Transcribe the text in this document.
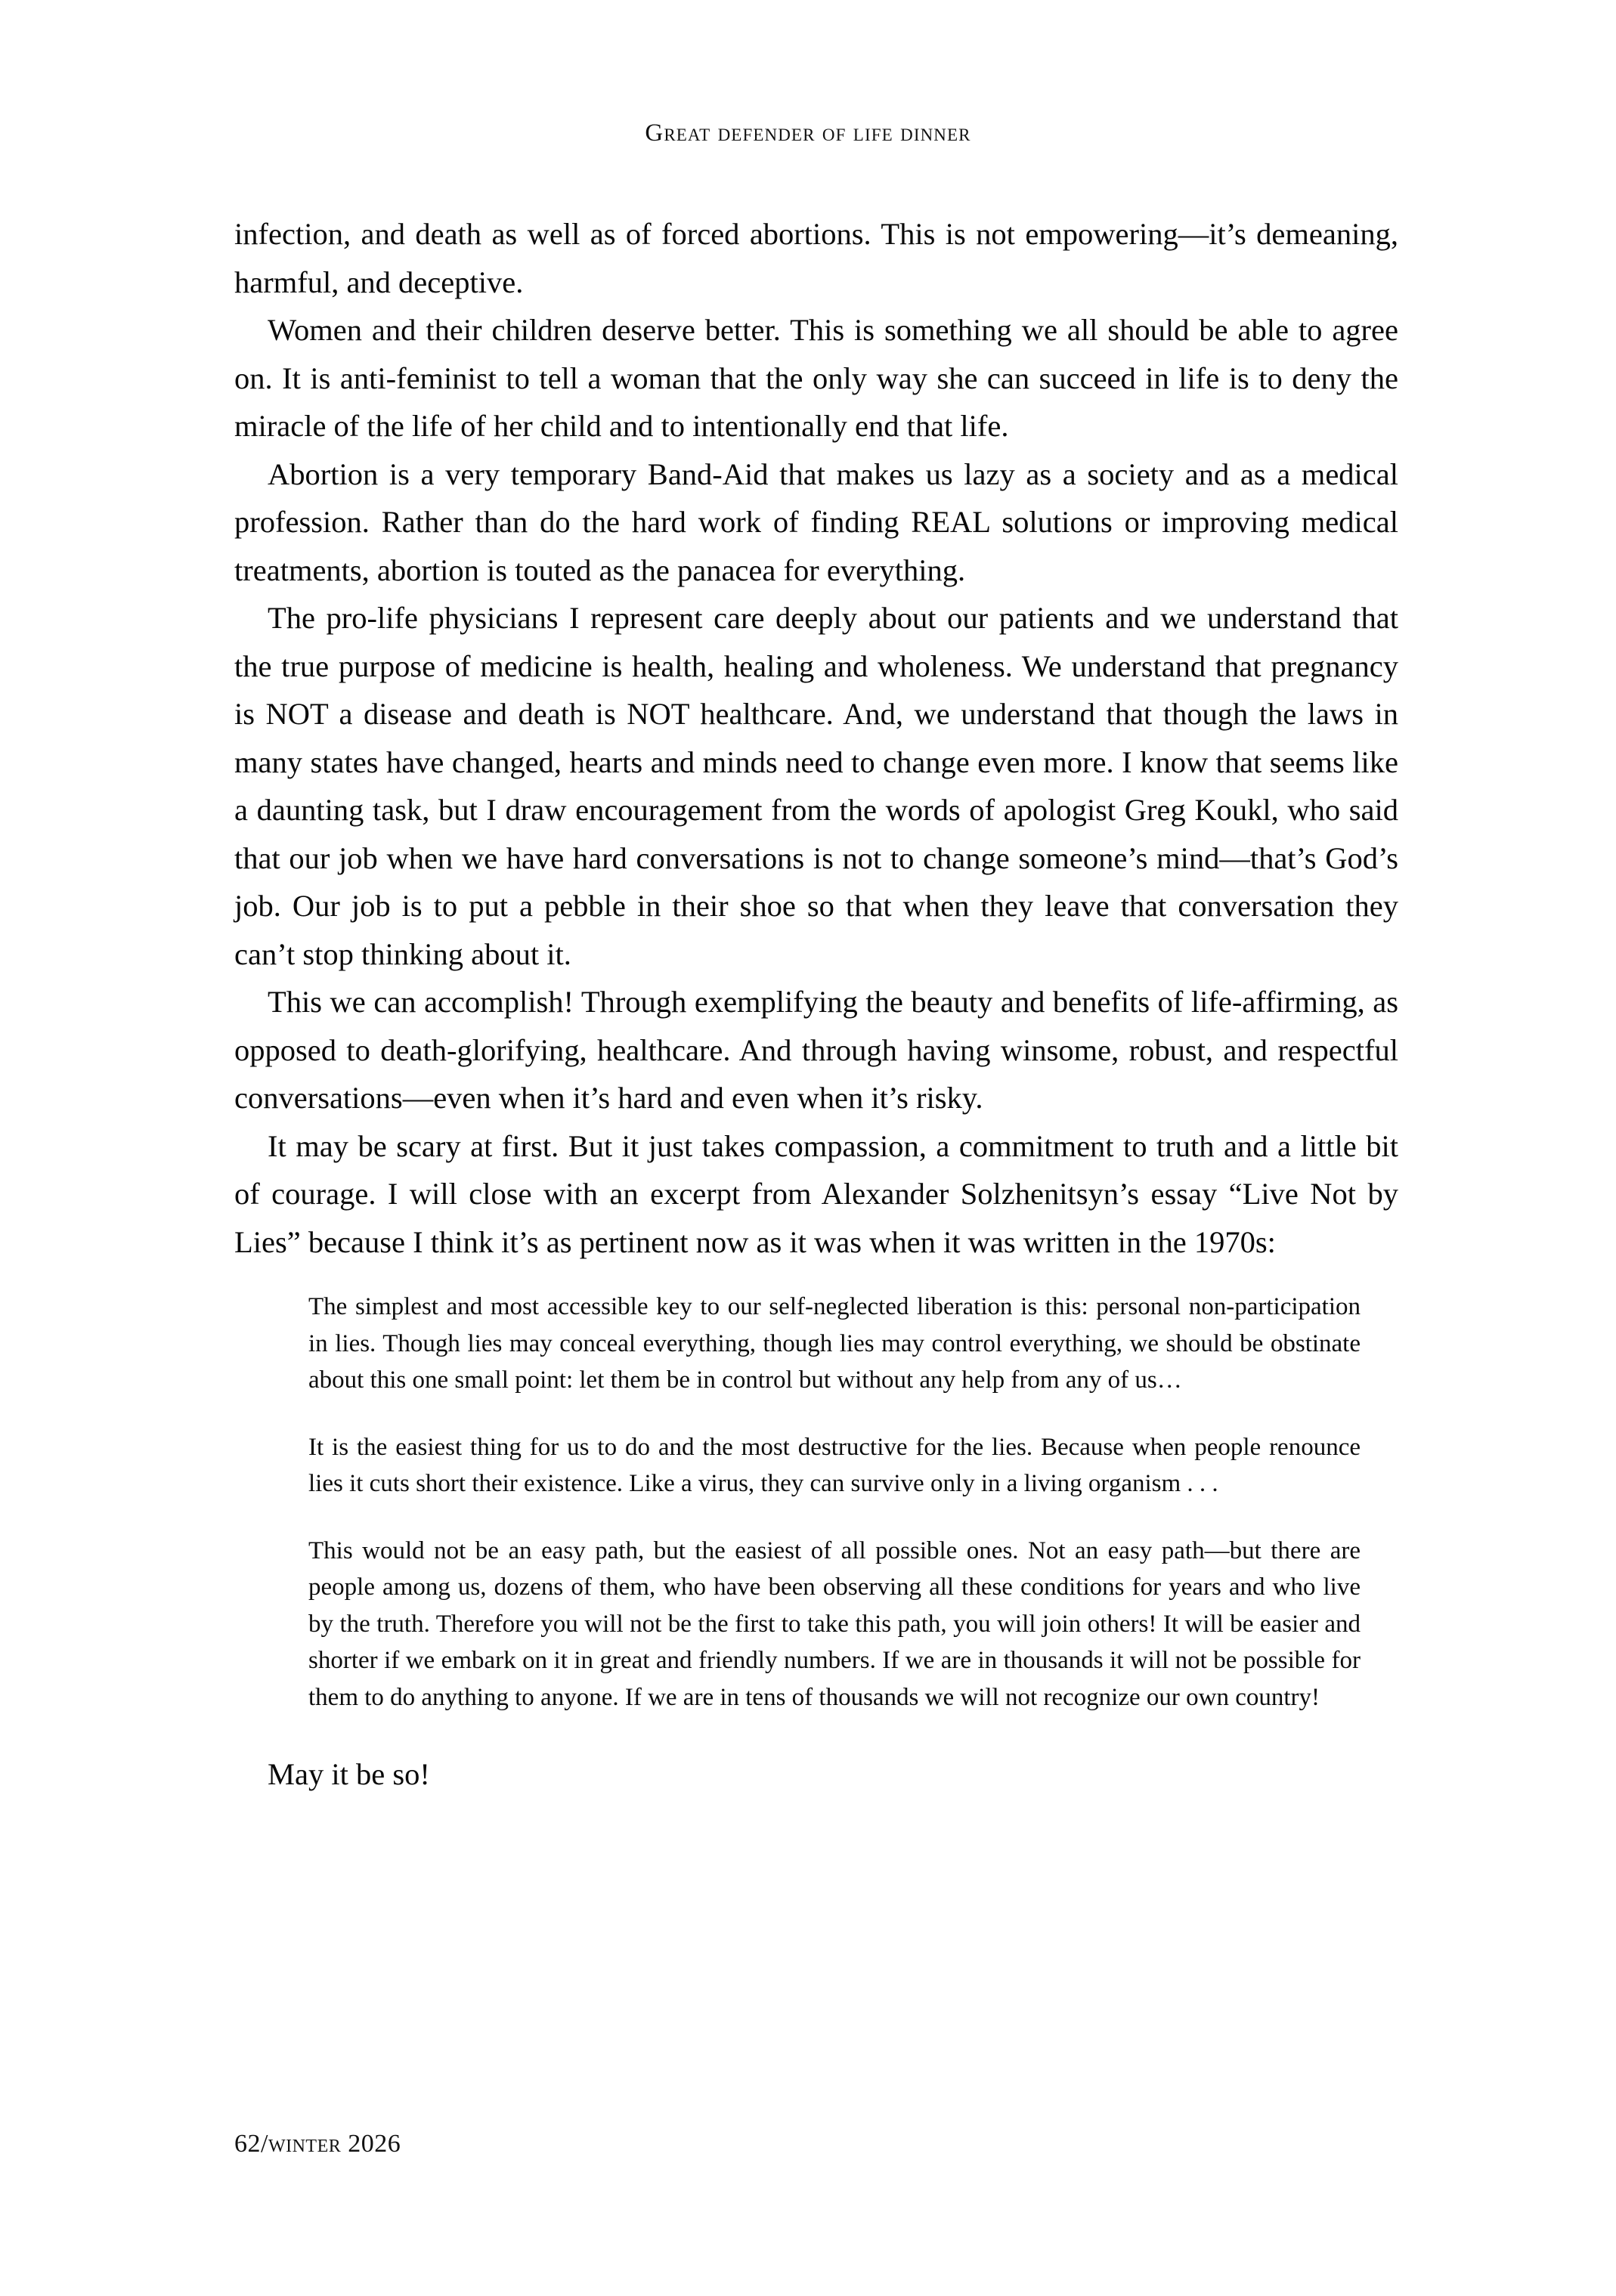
Great defender of life dinner

infection, and death as well as of forced abortions. This is not empowering—it’s demeaning, harmful, and deceptive.

Women and their children deserve better. This is something we all should be able to agree on. It is anti-feminist to tell a woman that the only way she can succeed in life is to deny the miracle of the life of her child and to intentionally end that life.

Abortion is a very temporary Band-Aid that makes us lazy as a society and as a medical profession. Rather than do the hard work of finding REAL solutions or improving medical treatments, abortion is touted as the panacea for everything.

The pro-life physicians I represent care deeply about our patients and we understand that the true purpose of medicine is health, healing and wholeness. We understand that pregnancy is NOT a disease and death is NOT healthcare. And, we understand that though the laws in many states have changed, hearts and minds need to change even more. I know that seems like a daunting task, but I draw encouragement from the words of apologist Greg Koukl, who said that our job when we have hard conversations is not to change someone’s mind—that’s God’s job. Our job is to put a pebble in their shoe so that when they leave that conversation they can’t stop thinking about it.

This we can accomplish! Through exemplifying the beauty and benefits of life-affirming, as opposed to death-glorifying, healthcare. And through having winsome, robust, and respectful conversations—even when it’s hard and even when it’s risky.

It may be scary at first. But it just takes compassion, a commitment to truth and a little bit of courage. I will close with an excerpt from Alexander Solzhenitsyn’s essay “Live Not by Lies” because I think it’s as pertinent now as it was when it was written in the 1970s:

The simplest and most accessible key to our self-neglected liberation is this: personal non-participation in lies. Though lies may conceal everything, though lies may control everything, we should be obstinate about this one small point: let them be in control but without any help from any of us…

It is the easiest thing for us to do and the most destructive for the lies. Because when people renounce lies it cuts short their existence. Like a virus, they can survive only in a living organism . . .

This would not be an easy path, but the easiest of all possible ones. Not an easy path—but there are people among us, dozens of them, who have been observing all these conditions for years and who live by the truth. Therefore you will not be the first to take this path, you will join others! It will be easier and shorter if we embark on it in great and friendly numbers. If we are in thousands it will not be possible for them to do anything to anyone. If we are in tens of thousands we will not recognize our own country!

May it be so!

62/winter 2026
